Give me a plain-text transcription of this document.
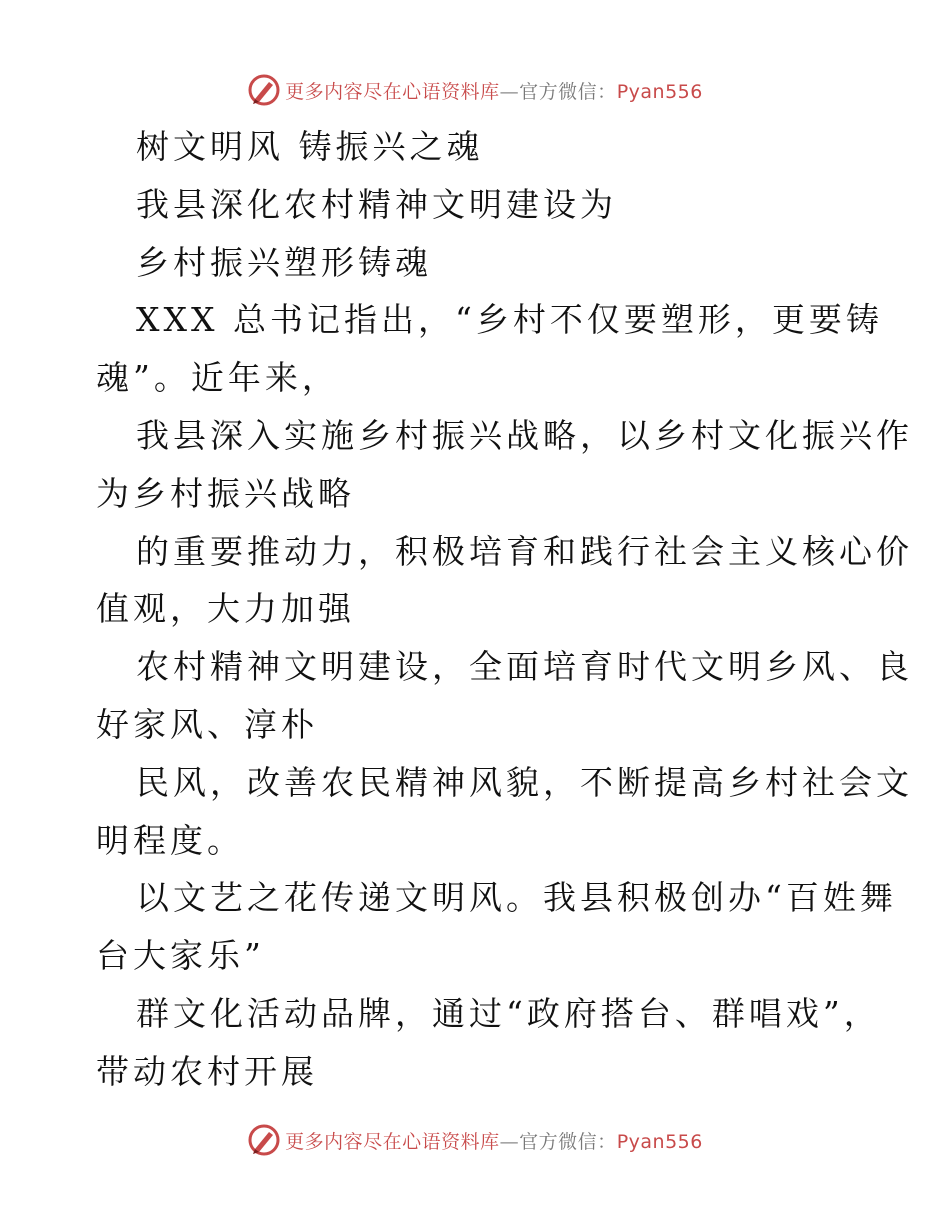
更多内容尽在心语资料库—官方微信：Pyan556
树文明风 铸振兴之魂
我县深化农村精神文明建设为
乡村振兴塑形铸魂
XXX 总书记指出，“乡村不仅要塑形，更要铸
魂”。近年来，
我县深入实施乡村振兴战略，以乡村文化振兴作
为乡村振兴战略
的重要推动力，积极培育和践行社会主义核心价
值观，大力加强
农村精神文明建设，全面培育时代文明乡风、良
好家风、淳朴
民风，改善农民精神风貌，不断提高乡村社会文
明程度。
以文艺之花传递文明风。我县积极创办“百姓舞
台大家乐”
群文化活动品牌，通过“政府搭台、群唱戏”，
带动农村开展
更多内容尽在心语资料库—官方微信：Pyan556
